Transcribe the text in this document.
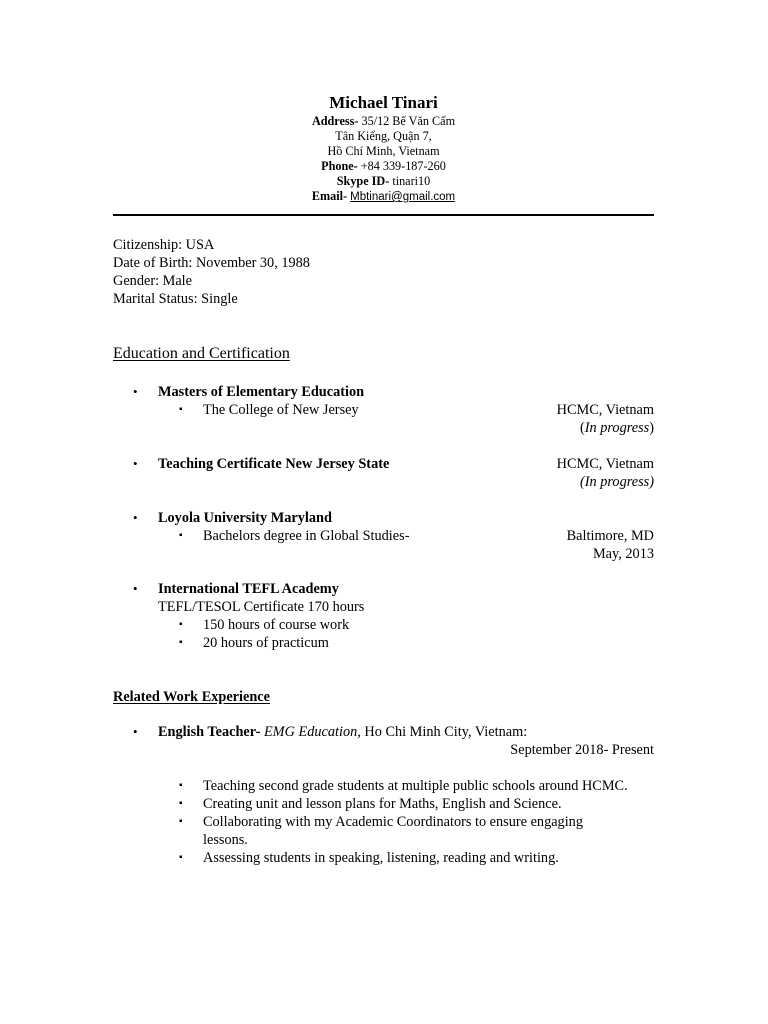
Michael Tinari
Address- 35/12 Bế Văn Cấm
Tân Kiểng, Quận 7,
Hồ Chí Minh, Vietnam
Phone- +84 339-187-260
Skype ID- tinari10
Email- Mbtinari@gmail.com
Citizenship: USA
Date of Birth: November 30, 1988
Gender: Male
Marital Status: Single
Education and Certification
• Masters of Elementary Education
▪ The College of New Jersey	HCMC, Vietnam
(In progress)
• Teaching Certificate New Jersey State	HCMC, Vietnam
(In progress)
• Loyola University Maryland
▪ Bachelors degree in Global Studies-	Baltimore, MD
May, 2013
• International TEFL Academy
TEFL/TESOL Certificate 170 hours
▪ 150 hours of course work
▪ 20 hours of practicum
Related Work Experience
• English Teacher- EMG Education, Ho Chi Minh City, Vietnam:
September 2018- Present
▪ Teaching second grade students at multiple public schools around HCMC.
▪ Creating unit and lesson plans for Maths, English and Science.
▪ Collaborating with my Academic Coordinators to ensure engaging lessons.
▪ Assessing students in speaking, listening, reading and writing.
